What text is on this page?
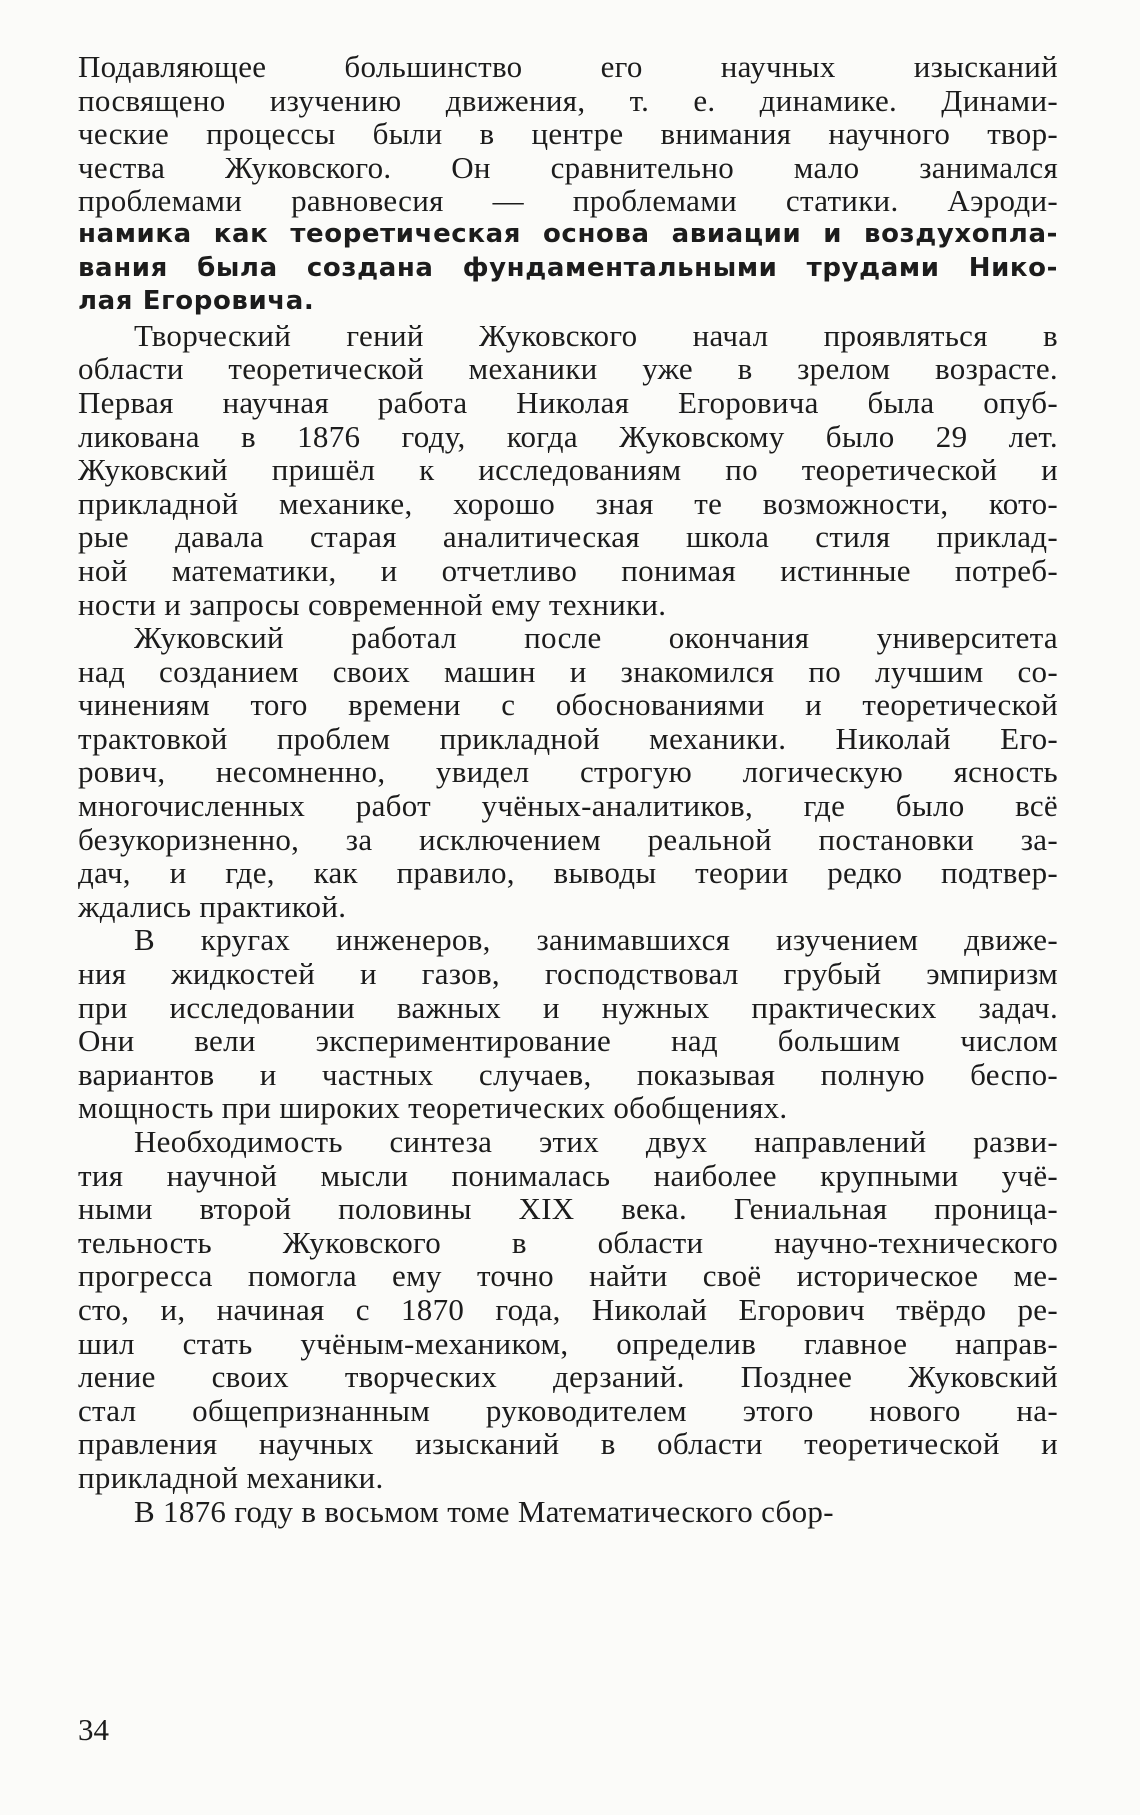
Подавляющее большинство его научных изысканий
посвящено изучению движения, т. е. динамике. Динами-
ческие процессы были в центре внимания научного твор-
чества Жуковского. Он сравнительно мало занимался
проблемами равновесия — проблемами статики. Аэроди-
намика как теоретическая основа авиации и воздухопла-
вания была создана фундаментальными трудами Нико-
лая Егоровича.
Творческий гений Жуковского начал проявляться в
области теоретической механики уже в зрелом возрасте.
Первая научная работа Николая Егоровича была опуб-
ликована в 1876 году, когда Жуковскому было 29 лет.
Жуковский пришёл к исследованиям по теоретической и
прикладной механике, хорошо зная те возможности, кото-
рые давала старая аналитическая школа стиля приклад-
ной математики, и отчетливо понимая истинные потреб-
ности и запросы современной ему техники.
Жуковский работал после окончания университета
над созданием своих машин и знакомился по лучшим со-
чинениям того времени с обоснованиями и теоретической
трактовкой проблем прикладной механики. Николай Его-
рович, несомненно, увидел строгую логическую ясность
многочисленных работ учёных-аналитиков, где было всё
безукоризненно, за исключением реальной постановки за-
дач, и где, как правило, выводы теории редко подтвер-
ждались практикой.
В кругах инженеров, занимавшихся изучением движе-
ния жидкостей и газов, господствовал грубый эмпиризм
при исследовании важных и нужных практических задач.
Они вели экспериментирование над большим числом
вариантов и частных случаев, показывая полную беспо-
мощность при широких теоретических обобщениях.
Необходимость синтеза этих двух направлений разви-
тия научной мысли понималась наиболее крупными учё-
ными второй половины XIX века. Гениальная проница-
тельность Жуковского в области научно-технического
прогресса помогла ему точно найти своё историческое ме-
сто, и, начиная с 1870 года, Николай Егорович твёрдо ре-
шил стать учёным-механиком, определив главное направ-
ление своих творческих дерзаний. Позднее Жуковский
стал общепризнанным руководителем этого нового на-
правления научных изысканий в области теоретической и
прикладной механики.
В 1876 году в восьмом томе Математического сбор-
34
